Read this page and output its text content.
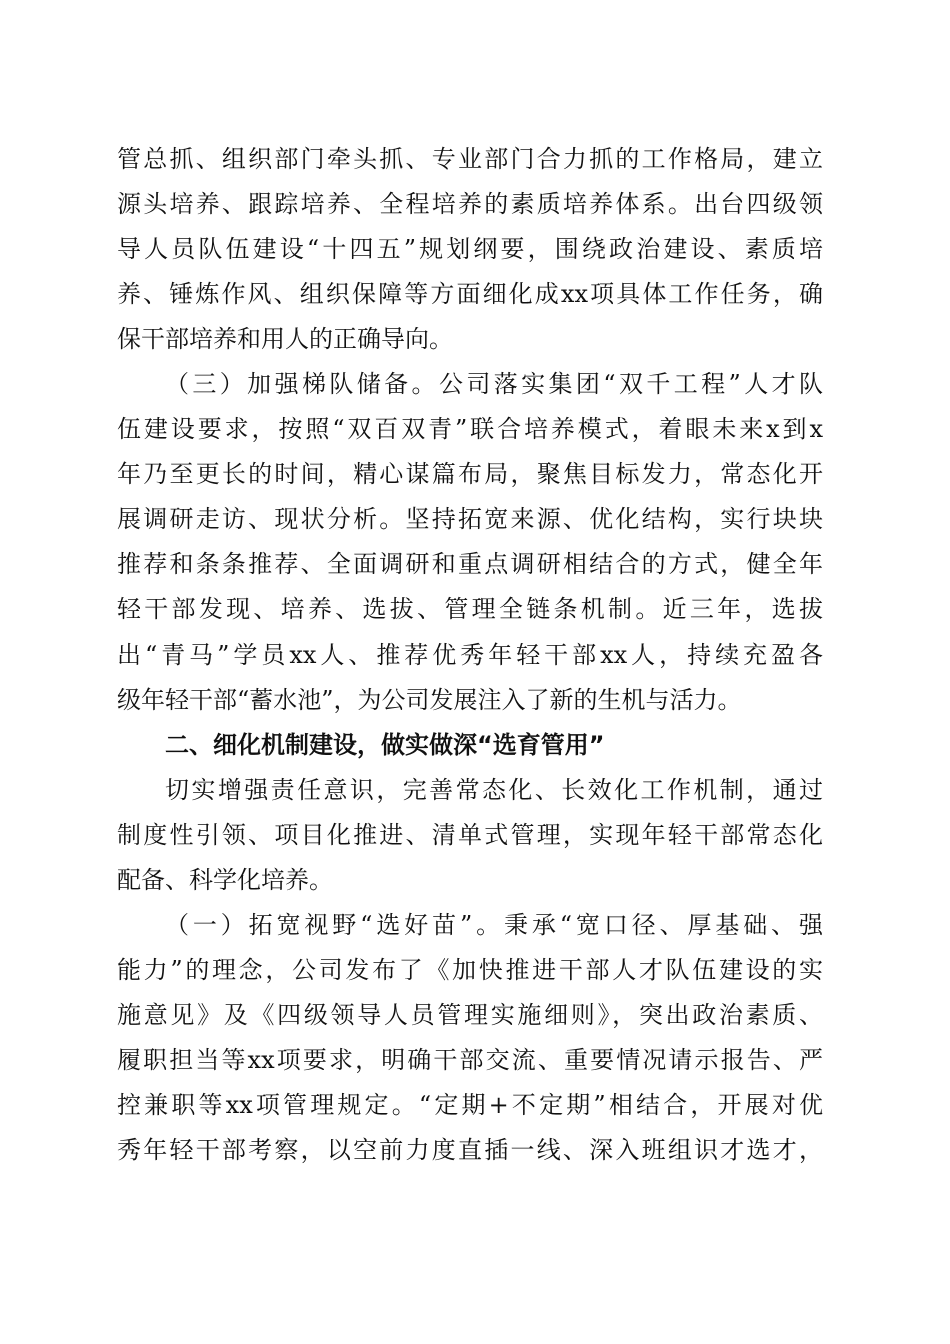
管总抓、组织部门牵头抓、专业部门合力抓的工作格局，建立
源头培养、跟踪培养、全程培养的素质培养体系。出台四级领
导人员队伍建设“十四五”规划纲要，围绕政治建设、素质培
养、锤炼作风、组织保障等方面细化成xx项具体工作任务，确
保干部培养和用人的正确导向。
（三）加强梯队储备。公司落实集团“双千工程”人才队
伍建设要求，按照“双百双青”联合培养模式，着眼未来x到x
年乃至更长的时间，精心谋篇布局，聚焦目标发力，常态化开
展调研走访、现状分析。坚持拓宽来源、优化结构，实行块块
推荐和条条推荐、全面调研和重点调研相结合的方式，健全年
轻干部发现、培养、选拔、管理全链条机制。近三年，选拔
出“青马”学员xx人、推荐优秀年轻干部xx人，持续充盈各
级年轻干部“蓄水池”，为公司发展注入了新的生机与活力。
二、细化机制建设，做实做深“选育管用”
切实增强责任意识，完善常态化、长效化工作机制，通过
制度性引领、项目化推进、清单式管理，实现年轻干部常态化
配备、科学化培养。
（一）拓宽视野“选好苗”。秉承“宽口径、厚基础、强
能力”的理念，公司发布了《加快推进干部人才队伍建设的实
施意见》及《四级领导人员管理实施细则》，突出政治素质、
履职担当等xx项要求，明确干部交流、重要情况请示报告、严
控兼职等xx项管理规定。“定期+不定期”相结合，开展对优
秀年轻干部考察，以空前力度直插一线、深入班组识才选才，
